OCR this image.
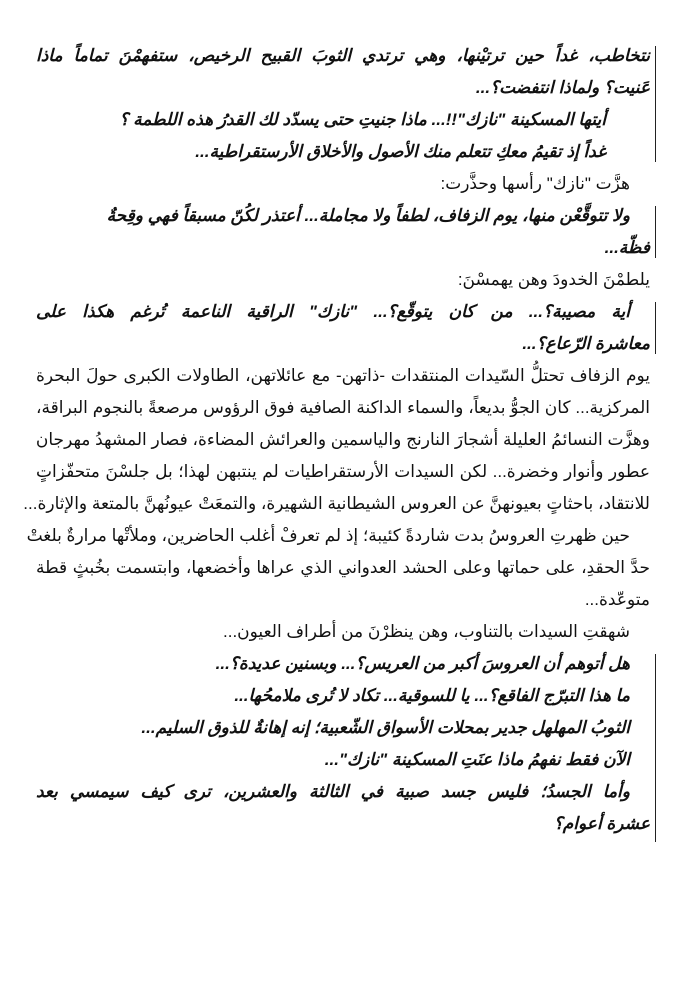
نتخاطب، غداً حين ترتيْنها، وهي ترتدي الثوبَ القبيح الرخيص، ستفهمْنَ تماماً ماذا
عَنيت؟ ولماذا انتفضت؟...
أيتها المسكينة "نازك"!!... ماذا جنيتِ حتى يسدّد لك القدرُ هذه اللطمة ؟
غداً إذ تقيمُ معكِ تتعلم منك الأصول والأخلاق الأرستقراطية...
هزَّت "نازك" رأسها وحذَّرت:
ولا تتوقَّعْن منها، يوم الزفاف، لطفاً ولا مجاملة... أعتذر لكُنّ مسبقاً فهي وقِحةٌ
فظّة...
يلطمْنَ الخدودَ وهن يهمسْنَ:
أية مصيبة؟... من كان يتوقّع؟... "نازك" الراقية الناعمة تُرغم هكذا على
معاشرة الرّعاع؟...
يوم الزفاف تحتلُّ السّيدات المنتقدات -ذاتهن- مع عائلاتهن، الطاولات الكبرى حولَ البحرة
المركزية... كان الجوُّ بديعاً، والسماء الداكنة الصافية فوق الرؤوس مرصعةً بالنجوم البراقة،
وهزَّت النسائمُ العليلة أشجارَ النارنج والياسمين والعرائش المضاءة، فصار المشهدُ مهرجان
عطور وأنوار وخضرة... لكن السيدات الأرستقراطيات لم ينتبهن لهذا؛ بل جلسْنَ متحفّزاتٍ
للانتقاد، باحثاتٍ بعيونهنَّ عن العروس الشيطانية الشهيرة، والتمعَتْ عيونُهنَّ بالمتعة والإثارة...
حين ظهرتِ العروسُ بدت شاردةً كئيبة؛ إذ لم تعرفْ أغلب الحاضرين، وملأتْها مرارةٌ بلغتْ
حدَّ الحقدِ، على حماتها وعلى الحشد العدواني الذي عراها وأخضعها، وابتسمت بخُبثٍ قطة
متوعّدة...
شهقتِ السيدات بالتناوب، وهن ينظرْنَ من أطراف العيون...
هل أتوهم أن العروسَ أكبر من العريس؟... وبسنين عديدة؟...
ما هذا التبرّج الفاقع؟... يا للسوقية... تكاد لا تُرى ملامحُها...
الثوبُ المهلهل جدير بمحلات الأسواق الشّعبية؛ إنه إهانةٌ للذوق السليم...
الآن فقط نفهمُ ماذا عنَتِ المسكينة "نازك"...
وأما الجسدُ؛ فليس جسد صبية في الثالثة والعشرين، ترى كيف سيمسي بعد
عشرة أعوام؟
